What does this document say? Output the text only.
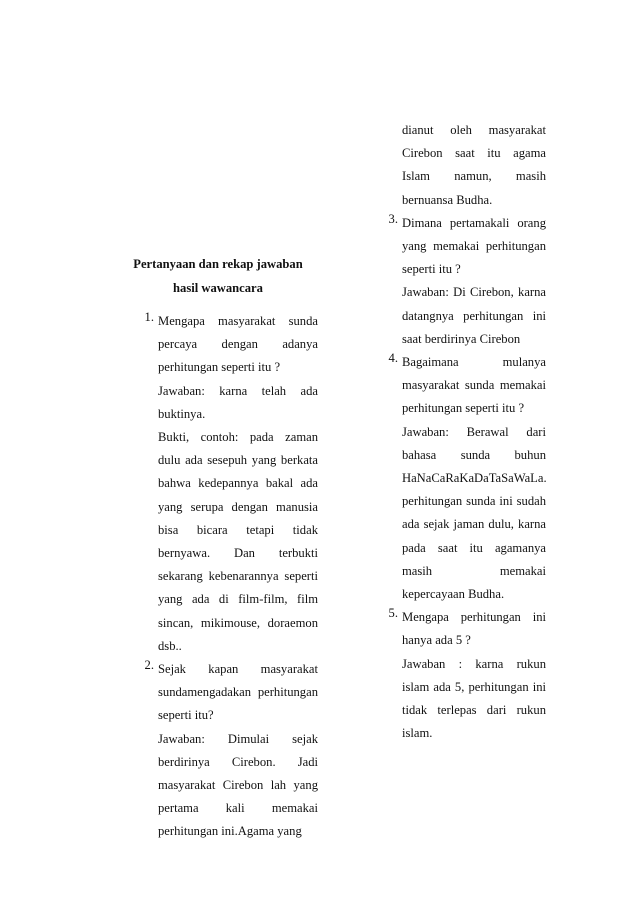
Pertanyaan dan rekap jawaban hasil wawancara
1. Mengapa masyarakat sunda percaya dengan adanya perhitungan seperti itu ?

Jawaban: karna telah ada buktinya.

Bukti, contoh: pada zaman dulu ada sesepuh yang berkata bahwa kedepannya bakal ada yang serupa dengan manusia bisa bicara tetapi tidak bernyawa. Dan terbukti sekarang kebenarannya seperti yang ada di film-film, film sincan, mikimouse, doraemon dsb..

2. Sejak kapan masyarakat sundamengadakan perhitungan seperti itu?

Jawaban: Dimulai sejak berdirinya Cirebon. Jadi masyarakat Cirebon lah yang pertama kali memakai perhitungan ini.Agama yang

dianut oleh masyarakat Cirebon saat itu agama Islam namun, masih bernuansa Budha.

3. Dimana pertamakali orang yang memakai perhitungan seperti itu ?

Jawaban: Di Cirebon, karna datangnya perhitungan ini saat berdirinya Cirebon

4. Bagaimana mulanya masyarakat sunda memakai perhitungan seperti itu ?

Jawaban: Berawal dari bahasa sunda buhun HaNaCaRaKaDaTaSaWaLa. perhitungan sunda ini sudah ada sejak jaman dulu, karna pada saat itu agamanya masih memakai kepercayaan Budha.

5. Mengapa perhitungan ini hanya ada 5 ?

Jawaban : karna rukun islam ada 5, perhitungan ini tidak terlepas dari rukun islam.
